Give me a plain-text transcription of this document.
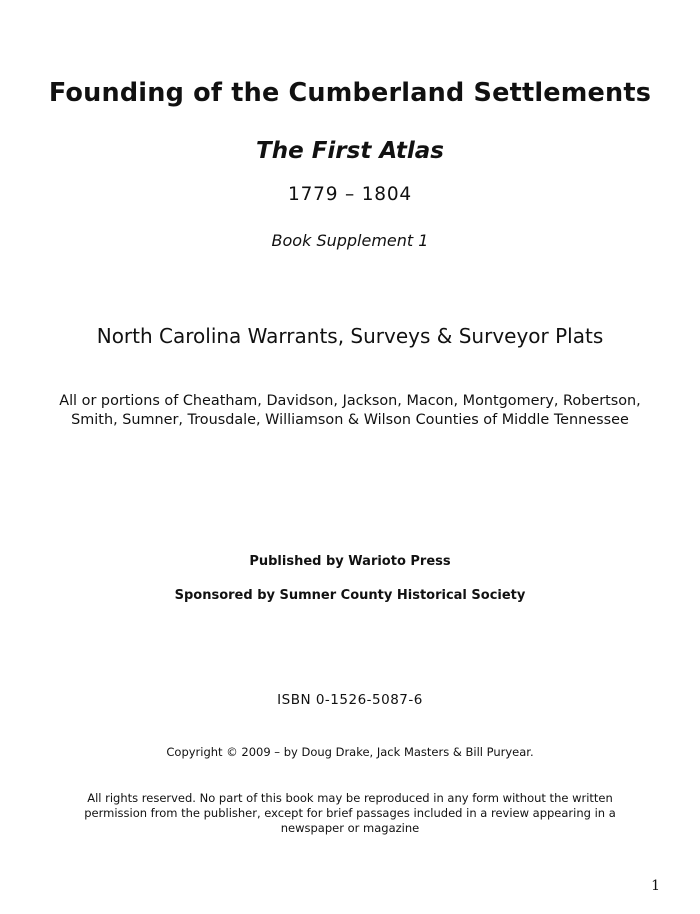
Founding of the Cumberland Settlements
The First Atlas
1779 – 1804
Book Supplement 1
North Carolina Warrants, Surveys & Surveyor Plats
All or portions of Cheatham, Davidson, Jackson, Macon, Montgomery, Robertson,
Smith, Sumner, Trousdale, Williamson & Wilson Counties of Middle Tennessee
Published by Warioto Press
Sponsored by Sumner County Historical Society
ISBN 0-1526-5087-6
Copyright © 2009 – by Doug Drake, Jack Masters & Bill Puryear.
All rights reserved. No part of this book may be reproduced in any form without the written
permission from the publisher, except for brief passages included in a review appearing in a
newspaper or magazine
1
